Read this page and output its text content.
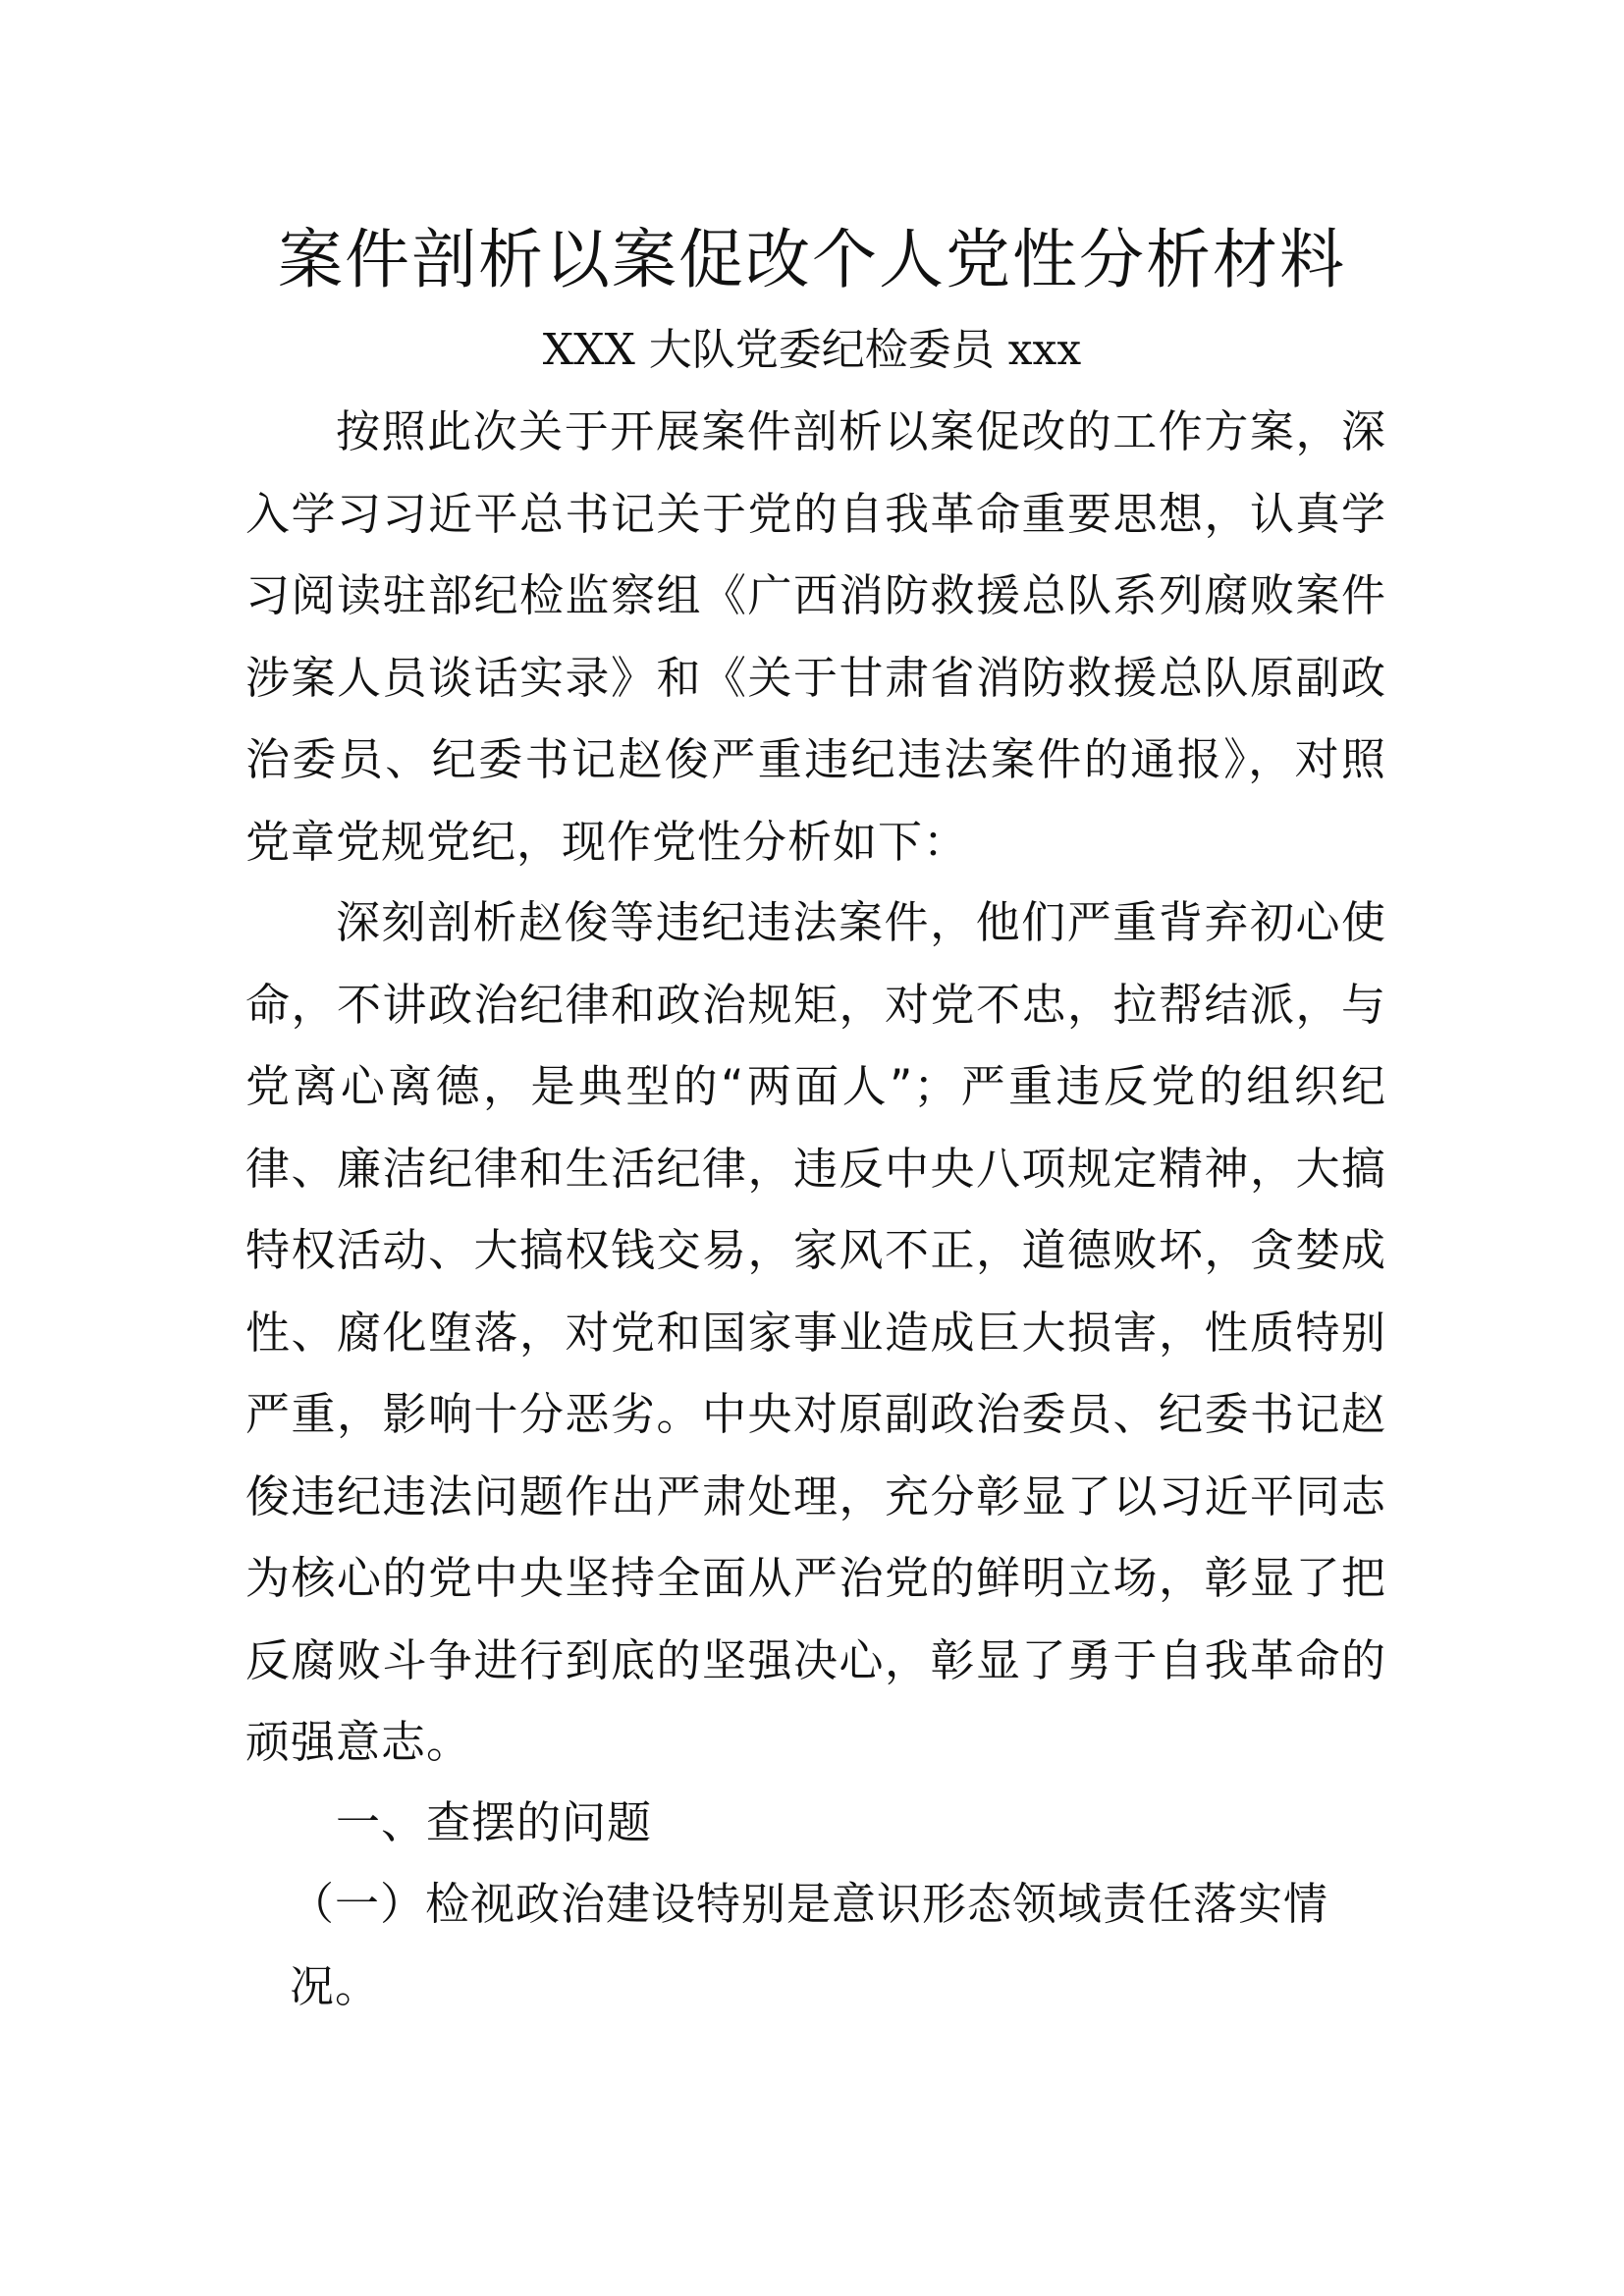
案件剖析以案促改个人党性分析材料

XXX 大队党委纪检委员 xxx

按照此次关于开展案件剖析以案促改的工作方案，深入学习习近平总书记关于党的自我革命重要思想，认真学习阅读驻部纪检监察组《广西消防救援总队系列腐败案件涉案人员谈话实录》和《关于甘肃省消防救援总队原副政治委员、纪委书记赵俊严重违纪违法案件的通报》，对照党章党规党纪，现作党性分析如下：

深刻剖析赵俊等违纪违法案件，他们严重背弃初心使命，不讲政治纪律和政治规矩，对党不忠，拉帮结派，与党离心离德，是典型的“两面人”；严重违反党的组织纪律、廉洁纪律和生活纪律，违反中央八项规定精神，大搞特权活动、大搞权钱交易，家风不正，道德败坏，贪婪成性、腐化堕落，对党和国家事业造成巨大损害，性质特别严重，影响十分恶劣。中央对原副政治委员、纪委书记赵俊违纪违法问题作出严肃处理，充分彰显了以习近平同志为核心的党中央坚持全面从严治党的鲜明立场，彰显了把反腐败斗争进行到底的坚强决心，彰显了勇于自我革命的顽强意志。

一、查摆的问题

（一）检视政治建设特别是意识形态领域责任落实情况。
